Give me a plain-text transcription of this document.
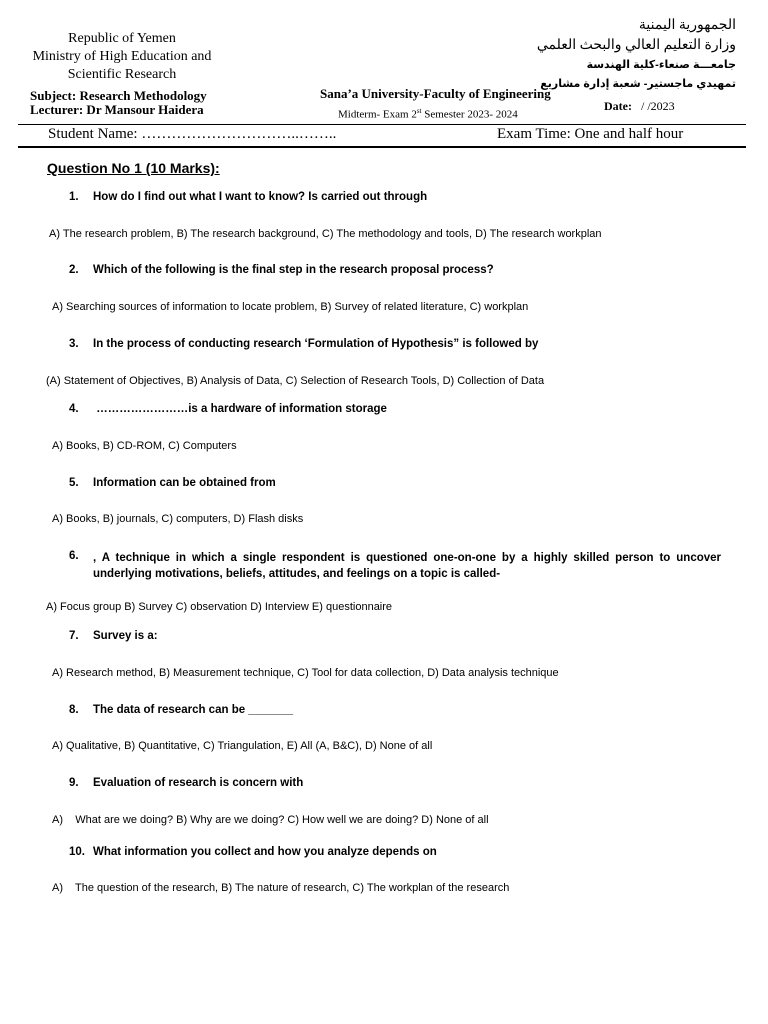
Republic of Yemen
Ministry of High Education and
Scientific Research
Subject: Research Methodology
Lecturer: Dr Mansour Haidera
Sana’a University-Faculty of Engineering
Midterm- Exam 2st Semester 2023- 2024
الجمهورية اليمنية
وزارة التعليم العالي والبحث العلمي
جامعـــة صنعاء-كلية الهندسة
تمهيدي ماجستير- شعبة إدارة مشاريع
Date: / /2023
Student Name: …………………………..……..	Exam Time: One and half hour
Question No 1 (10 Marks):
1. How do I find out what I want to know? Is carried out through
A) The research problem, B) The research background, C) The methodology and tools, D) The research workplan
2. Which of the following is the final step in the research proposal process?
A) Searching sources of information to locate problem, B) Survey of related literature, C) workplan
3. In the process of conducting research ‘Formulation of Hypothesis” is followed by
(A) Statement of Objectives, B) Analysis of Data, C) Selection of Research Tools, D) Collection of Data
4. ……………………is a hardware of information storage
A) Books, B) CD-ROM, C) Computers
5. Information can be obtained from
A) Books, B) journals, C) computers, D) Flash disks
6. , A technique in which a single respondent is questioned one-on-one by a highly skilled person to uncover underlying motivations, beliefs, attitudes, and feelings on a topic is called-
A) Focus group B) Survey C) observation D) Interview E) questionnaire
7. Survey is a:
A) Research method, B) Measurement technique, C) Tool for data collection, D) Data analysis technique
8. The data of research can be _______
A) Qualitative, B) Quantitative, C) Triangulation, E) All (A, B&C), D) None of all
9. Evaluation of research is concern with
A)    What are we doing? B) Why are we doing? C) How well we are doing? D) None of all
10. What information you collect and how you analyze depends on
A)    The question of the research, B) The nature of research, C) The workplan of the research
